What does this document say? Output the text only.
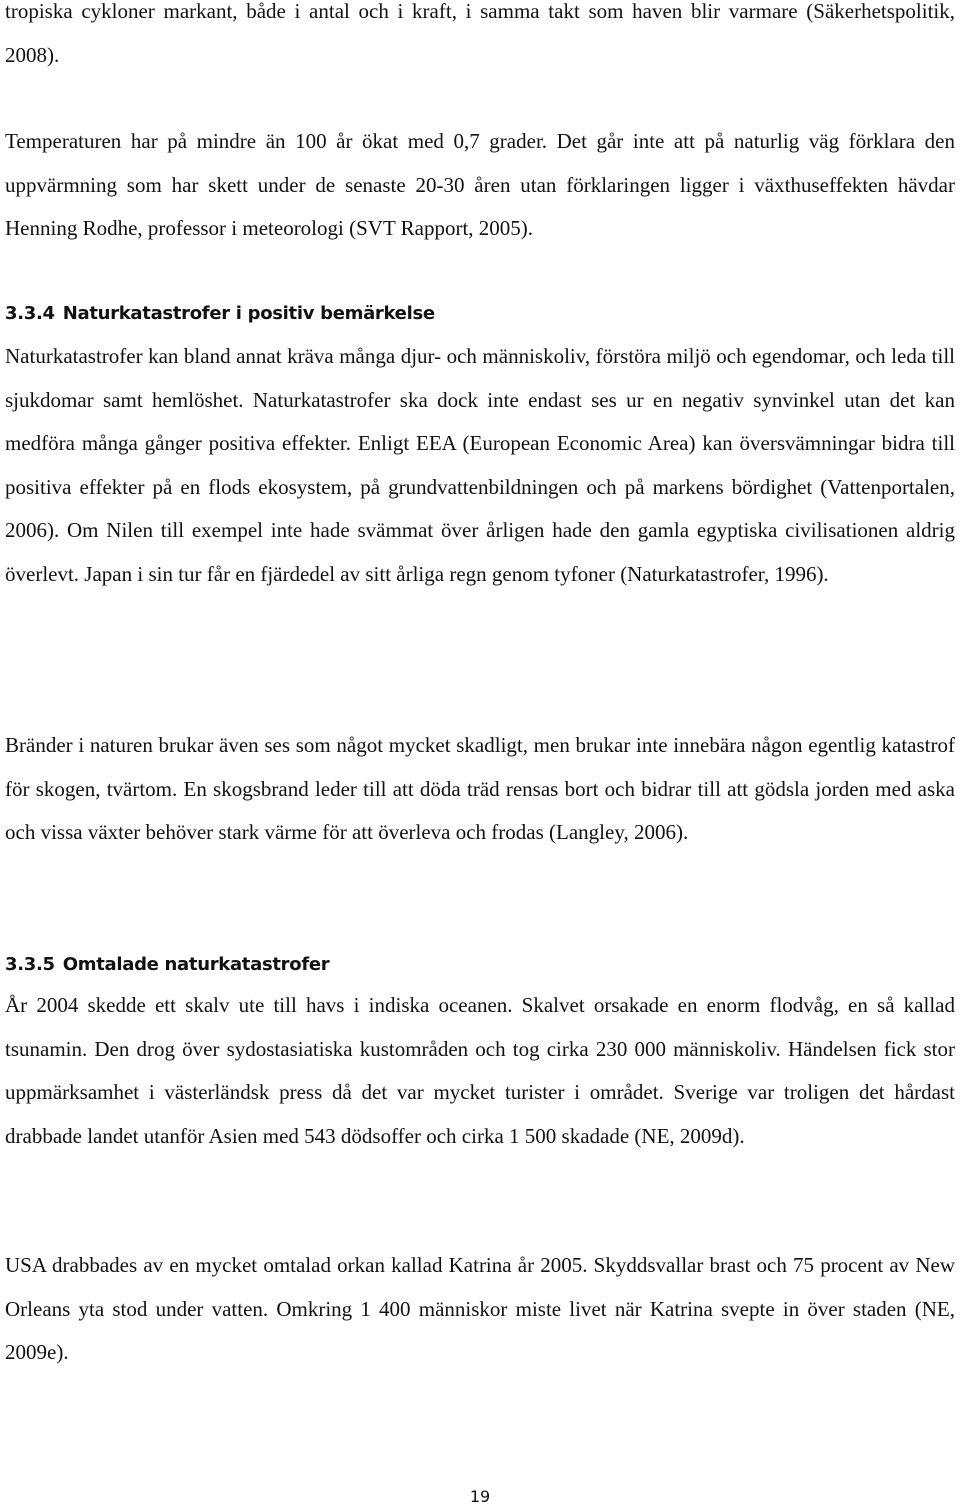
tropiska cykloner markant, både i antal och i kraft, i samma takt som haven blir varmare (Säkerhetspolitik, 2008).

Temperaturen har på mindre än 100 år ökat med 0,7 grader. Det går inte att på naturlig väg förklara den uppvärmning som har skett under de senaste 20-30 åren utan förklaringen ligger i växthuseffekten hävdar Henning Rodhe, professor i meteorologi (SVT Rapport, 2005).

3.3.4 Naturkatastrofer i positiv bemärkelse

Naturkatastrofer kan bland annat kräva många djur- och människoliv, förstöra miljö och egendomar, och leda till sjukdomar samt hemlöshet. Naturkatastrofer ska dock inte endast ses ur en negativ synvinkel utan det kan medföra många gånger positiva effekter. Enligt EEA (European Economic Area) kan översvämningar bidra till positiva effekter på en flods ekosystem, på grundvattenbildningen och på markens bördighet (Vattenportalen, 2006). Om Nilen till exempel inte hade svämmat över årligen hade den gamla egyptiska civilisationen aldrig överlevt. Japan i sin tur får en fjärdedel av sitt årliga regn genom tyfoner (Naturkatastrofer, 1996).

Bränder i naturen brukar även ses som något mycket skadligt, men brukar inte innebära någon egentlig katastrof för skogen, tvärtom. En skogsbrand leder till att döda träd rensas bort och bidrar till att gödsla jorden med aska och vissa växter behöver stark värme för att överleva och frodas (Langley, 2006).

3.3.5 Omtalade naturkatastrofer

År 2004 skedde ett skalv ute till havs i indiska oceanen. Skalvet orsakade en enorm flodvåg, en så kallad tsunamin. Den drog över sydostasiatiska kustområden och tog cirka 230 000 människoliv. Händelsen fick stor uppmärksamhet i västerländsk press då det var mycket turister i området. Sverige var troligen det hårdast drabbade landet utanför Asien med 543 dödsoffer och cirka 1 500 skadade (NE, 2009d).

USA drabbades av en mycket omtalad orkan kallad Katrina år 2005. Skyddsvallar brast och 75 procent av New Orleans yta stod under vatten. Omkring 1 400 människor miste livet när Katrina svepte in över staden (NE, 2009e).

19
